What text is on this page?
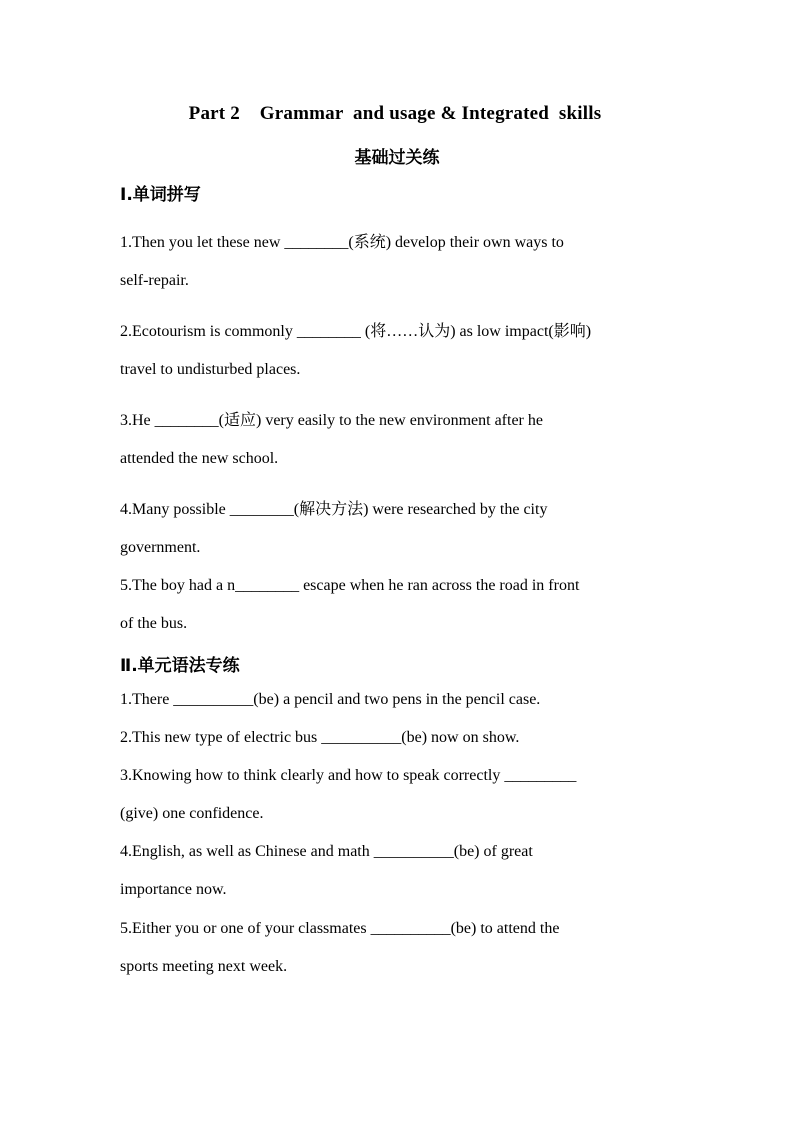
Part 2    Grammar  and usage & Integrated  skills
基础过关练
Ⅰ.单词拼写
1.Then you let these new ________(系统) develop their own ways to
self-repair.
2.Ecotourism is commonly ________ (将……认为) as low impact(影响)
travel to undisturbed places.
3.He ________(适应) very easily to the new environment after he
attended the new school.
4.Many possible ________(解决方法) were researched by the city
government.
5.The boy had a n________ escape when he ran across the road in front
of the bus.
Ⅱ.单元语法专练
1.There __________(be) a pencil and two pens in the pencil case.
2.This new type of electric bus __________(be) now on show.
3.Knowing how to think clearly and how to speak correctly _________
(give) one confidence.
4.English, as well as Chinese and math __________(be) of great
importance now.
5.Either you or one of your classmates __________(be) to attend the
sports meeting next week.
